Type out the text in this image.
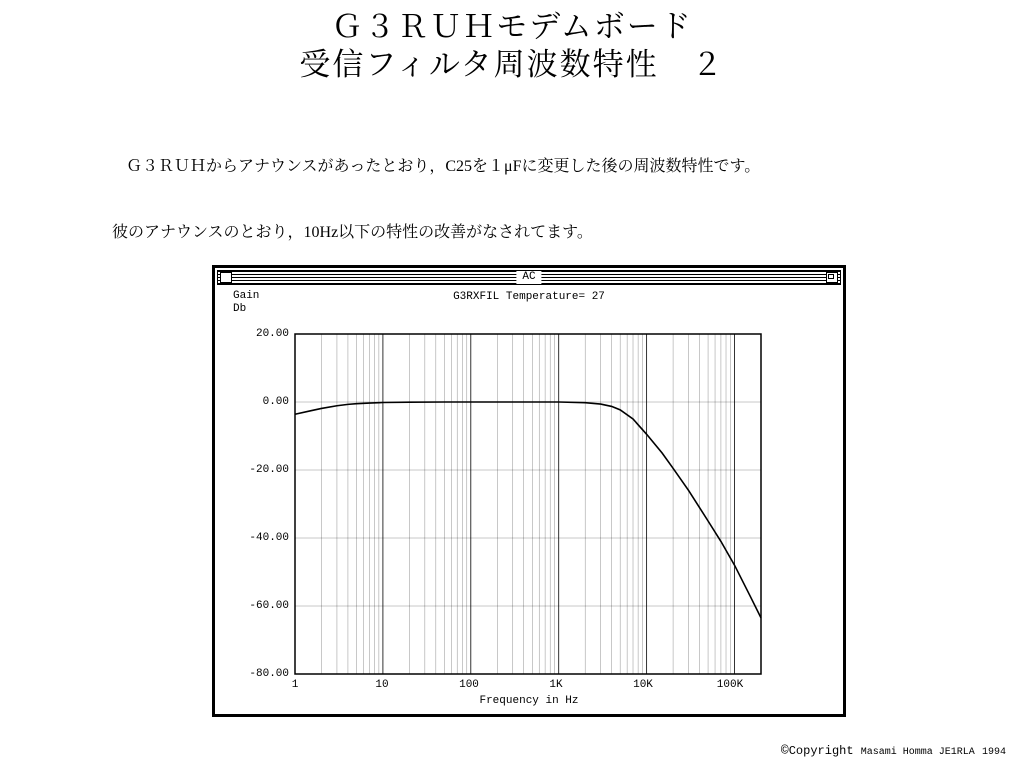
Ｇ３ＲＵＨモデムボード
受信フィルタ周波数特性　２

Ｇ３ＲＵＨからアナウンスがあったとおり，C25を１μFに変更した後の周波数特性です。

彼のアナウンスのとおり，10Hz以下の特性の改善がなされてます。

AC
G3RXFIL Temperature= 27
Gain
Db
20.00
0.00
-20.00
-40.00
-60.00
-80.00
1	10	100	1K	10K	100K
Frequency in Hz
©Copyright Masami Homma JE1RLA 1994
